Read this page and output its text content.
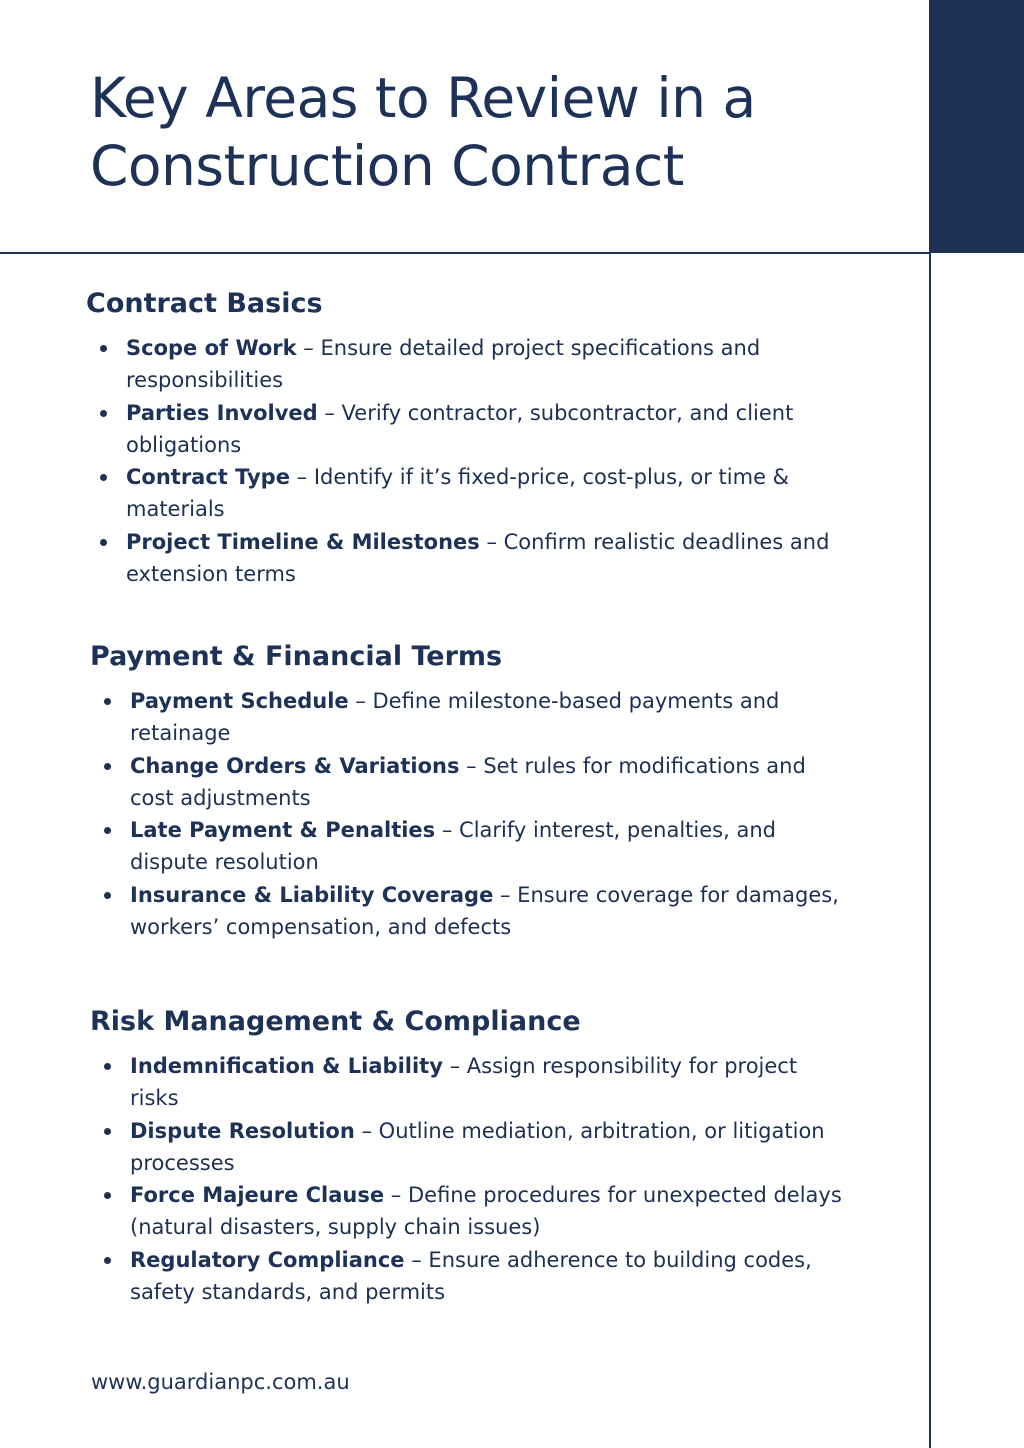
Key Areas to Review in a
Construction Contract
Contract Basics
Scope of Work – Ensure detailed project specifications and responsibilities
Parties Involved – Verify contractor, subcontractor, and client obligations
Contract Type – Identify if it’s fixed-price, cost-plus, or time & materials
Project Timeline & Milestones – Confirm realistic deadlines and extension terms
Payment & Financial Terms
Payment Schedule – Define milestone-based payments and retainage
Change Orders & Variations – Set rules for modifications and cost adjustments
Late Payment & Penalties – Clarify interest, penalties, and dispute resolution
Insurance & Liability Coverage – Ensure coverage for damages, workers’ compensation, and defects
Risk Management & Compliance
Indemnification & Liability – Assign responsibility for project risks
Dispute Resolution – Outline mediation, arbitration, or litigation processes
Force Majeure Clause – Define procedures for unexpected delays (natural disasters, supply chain issues)
Regulatory Compliance – Ensure adherence to building codes, safety standards, and permits
www.guardianpc.com.au
